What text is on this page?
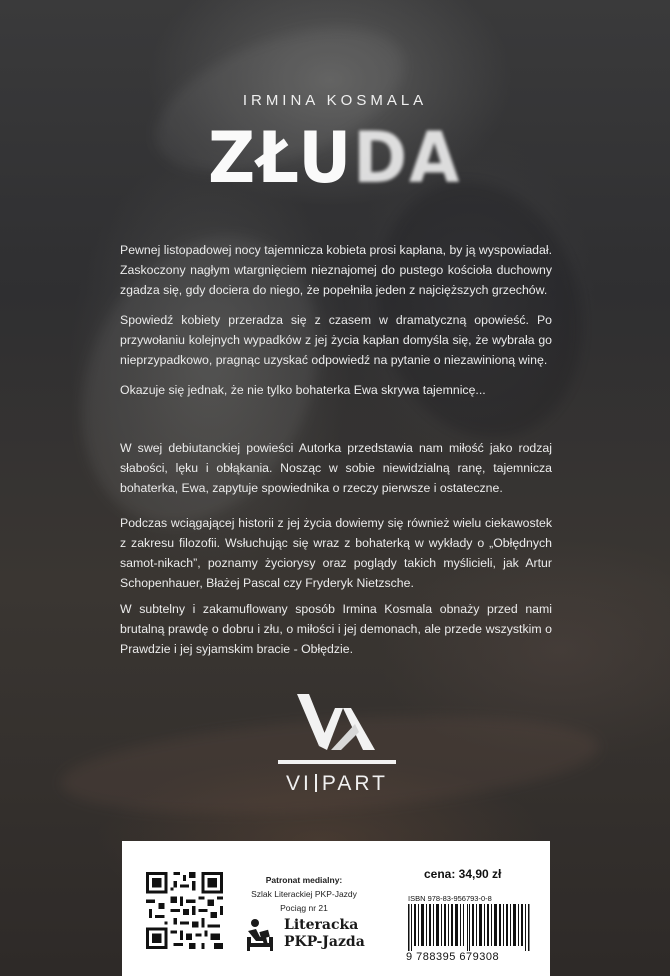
IRMINA KOSMALA
ZŁUDA

Pewnej listopadowej nocy tajemnicza kobieta prosi kapłana, by ją wyspowiadał. Zaskoczony nagłym wtargnięciem nieznajomej do pustego kościoła duchowny zgadza się, gdy dociera do niego, że popełniła jeden z najcięższych grzechów.

Spowiedź kobiety przeradza się z czasem w dramatyczną opowieść. Po przywołaniu kolejnych wypadków z jej życia kapłan domyśla się, że wybrała go nieprzypadkowo, pragnąc uzyskać odpowiedź na pytanie o niezawinioną winę.

Okazuje się jednak, że nie tylko bohaterka Ewa skrywa tajemnicę...

W swej debiutanckiej powieści Autorka przedstawia nam miłość jako rodzaj słabości, lęku i obłąkania. Nosząc w sobie niewidzialną ranę, tajemnicza bohaterka, Ewa, zapytuje spowiednika o rzeczy pierwsze i ostateczne.

Podczas wciągającej historii z jej życia dowiemy się również wielu ciekawostek z zakresu filozofii. Wsłuchując się wraz z bohaterką w wykłady o „Obłędnych samot-nikach”, poznamy życiorysy oraz poglądy takich myślicieli, jak Artur Schopenhauer, Błażej Pascal czy Fryderyk Nietzsche.

W subtelny i zakamuflowany sposób Irmina Kosmala obnaży przed nami brutalną prawdę o dobru i złu, o miłości i jej demonach, ale przede wszystkim o Prawdzie i jej syjamskim bracie - Obłędzie.

VI PART
Patronat medialny:
Szlak Literackiej PKP-Jazdy
Pociąg nr 21
Literacka
PKP-Jazda
cena: 34,90 zł
ISBN 978-83-956793-0-8
9 788395 679308
